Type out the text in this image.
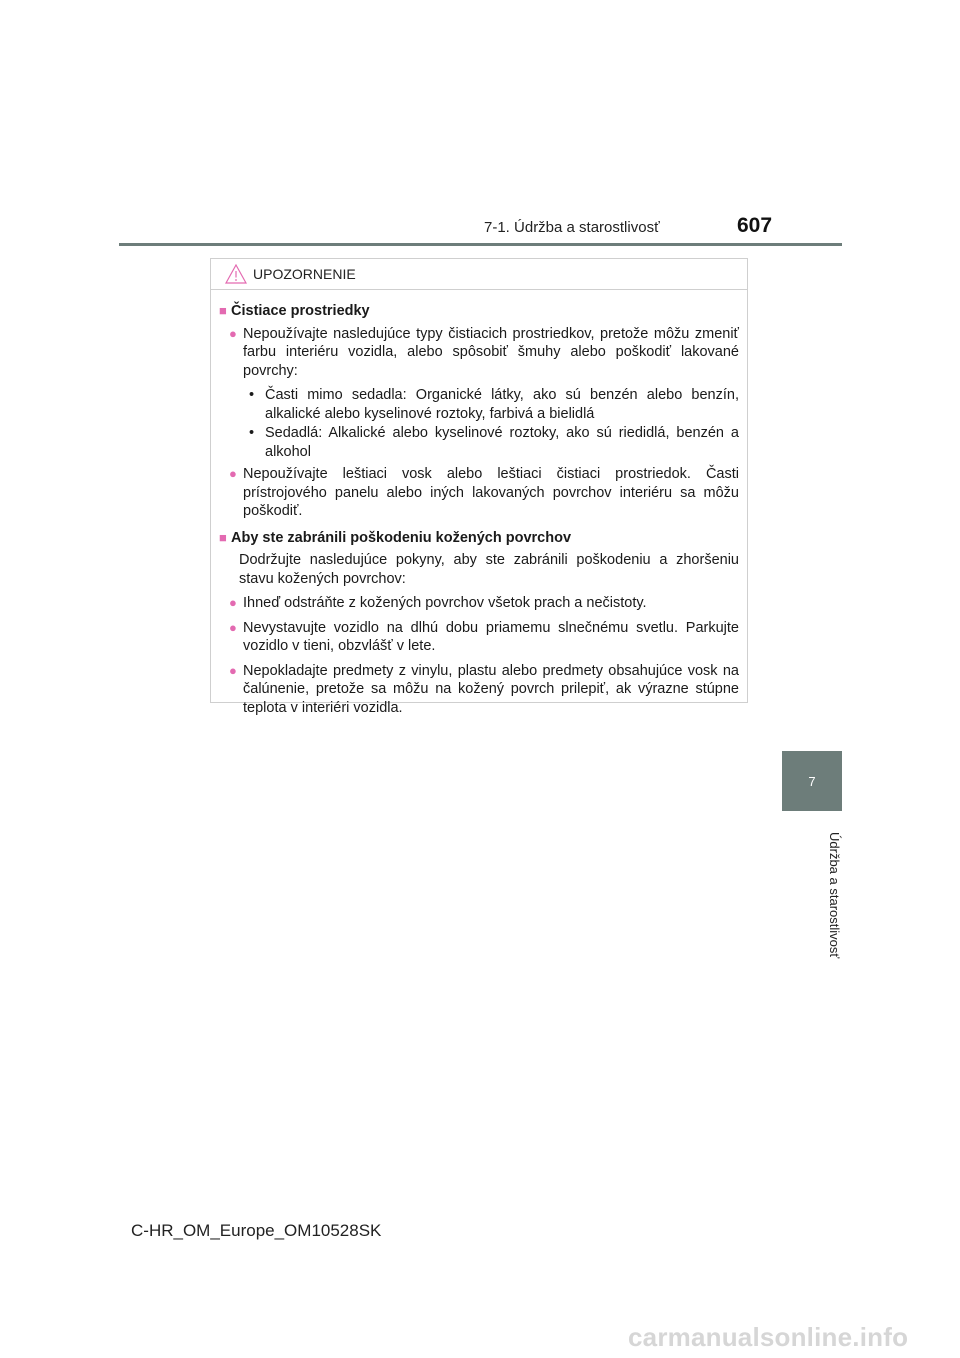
7-1. Údržba a starostlivosť	607
7
Údržba a starostlivosť
UPOZORNENIE
■ Čistiace prostriedky
● Nepoužívajte nasledujúce typy čistiacich prostriedkov, pretože môžu zmeniť farbu interiéru vozidla, alebo spôsobiť šmuhy alebo poškodiť lakované povrchy:
• Časti mimo sedadla: Organické látky, ako sú benzén alebo benzín, alkalické alebo kyselinové roztoky, farbivá a bielidlá
• Sedadlá: Alkalické alebo kyselinové roztoky, ako sú riedidlá, benzén a alkohol
● Nepoužívajte leštiaci vosk alebo leštiaci čistiaci prostriedok. Časti prístrojového panelu alebo iných lakovaných povrchov interiéru sa môžu poškodiť.
■ Aby ste zabránili poškodeniu kožených povrchov
Dodržujte nasledujúce pokyny, aby ste zabránili poškodeniu a zhoršeniu stavu kožených povrchov:
● Ihneď odstráňte z kožených povrchov všetok prach a nečistoty.
● Nevystavujte vozidlo na dlhú dobu priamemu slnečnému svetlu. Parkujte vozidlo v tieni, obzvlášť v lete.
● Nepokladajte predmety z vinylu, plastu alebo predmety obsahujúce vosk na čalúnenie, pretože sa môžu na kožený povrch prilepiť, ak výrazne stúpne teplota v interiéri vozidla.
C-HR_OM_Europe_OM10528SK
carmanualsonline.info
